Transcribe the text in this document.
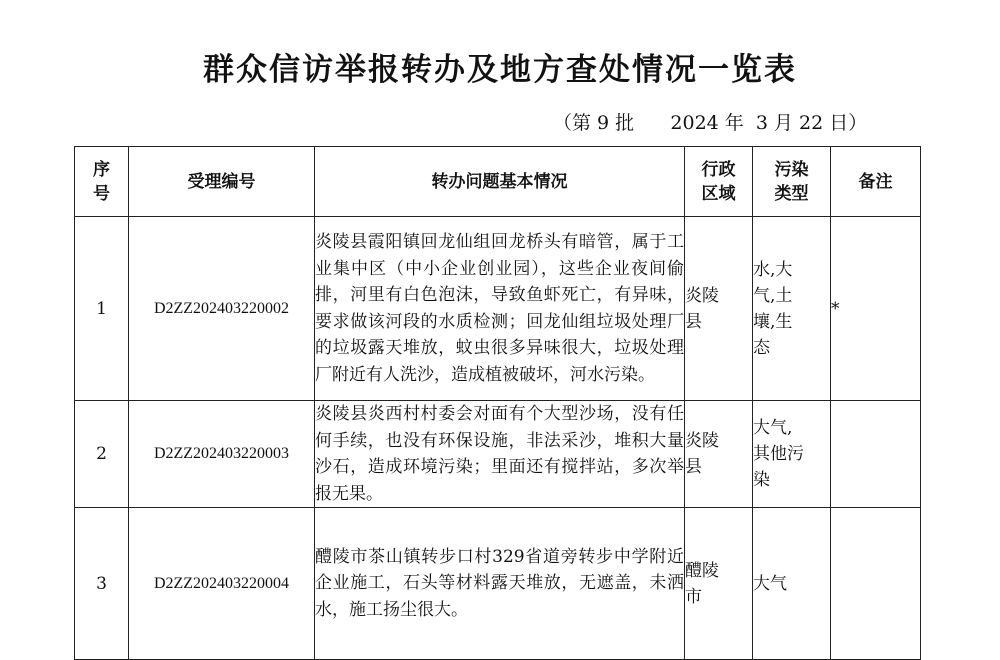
群众信访举报转办及地方查处情况一览表
（第 9 批      2024 年  3 月 22 日）
序号	受理编号	转办问题基本情况	行政区域	污染类型	备注
1	D2ZZ202403220002	炎陵县霞阳镇回龙仙组回龙桥头有暗管，属于工业集中区（中小企业创业园），这些企业夜间偷排，河里有白色泡沫，导致鱼虾死亡，有异味，要求做该河段的水质检测；回龙仙组垃圾处理厂的垃圾露天堆放，蚊虫很多异味很大，垃圾处理厂附近有人洗沙，造成植被破坏，河水污染。	炎陵县	水,大气,土壤,生态	*
2	D2ZZ202403220003	炎陵县炎西村村委会对面有个大型沙场，没有任何手续，也没有环保设施，非法采沙，堆积大量沙石，造成环境污染；里面还有搅拌站，多次举报无果。	炎陵县	大气,其他污染	

3	D2ZZ202403220004	醴陵市茶山镇转步口村329省道旁转步中学附近企业施工，石头等材料露天堆放，无遮盖，未洒水，施工扬尘很大。	醴陵市	大气	
